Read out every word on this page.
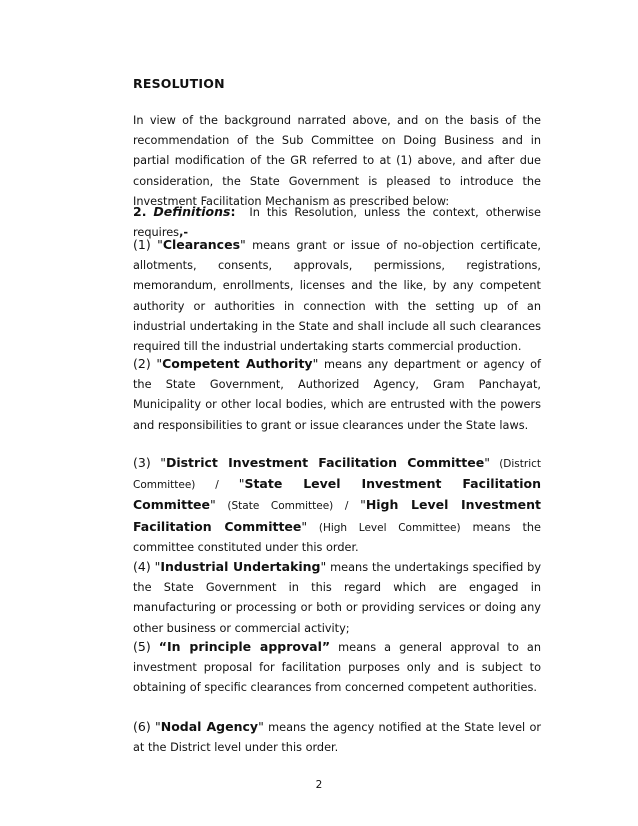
RESOLUTION
In view of the background narrated above, and on the basis of the recommendation of the Sub Committee on Doing Business and in partial modification of the GR referred to at (1) above, and after due consideration, the State Government is pleased to introduce the Investment Facilitation Mechanism as prescribed below:
2. Definitions: In this Resolution, unless the context, otherwise requires,-
(1) "Clearances" means grant or issue of no-objection certificate, allotments, consents, approvals, permissions, registrations, memorandum, enrollments, licenses and the like, by any competent authority or authorities in connection with the setting up of an industrial undertaking in the State and shall include all such clearances required till the industrial undertaking starts commercial production.
(2) "Competent Authority" means any department or agency of the State Government, Authorized Agency, Gram Panchayat, Municipality or other local bodies, which are entrusted with the powers and responsibilities to grant or issue clearances under the State laws.
(3) "District Investment Facilitation Committee" (District Committee) / "State Level Investment Facilitation Committee" (State Committee) / "High Level Investment Facilitation Committee" (High Level Committee) means the committee constituted under this order.
(4) "Industrial Undertaking" means the undertakings specified by the State Government in this regard which are engaged in manufacturing or processing or both or providing services or doing any other business or commercial activity;
(5) “In principle approval” means a general approval to an investment proposal for facilitation purposes only and is subject to obtaining of specific clearances from concerned competent authorities.
(6) "Nodal Agency" means the agency notified at the State level or at the District level under this order.
2
